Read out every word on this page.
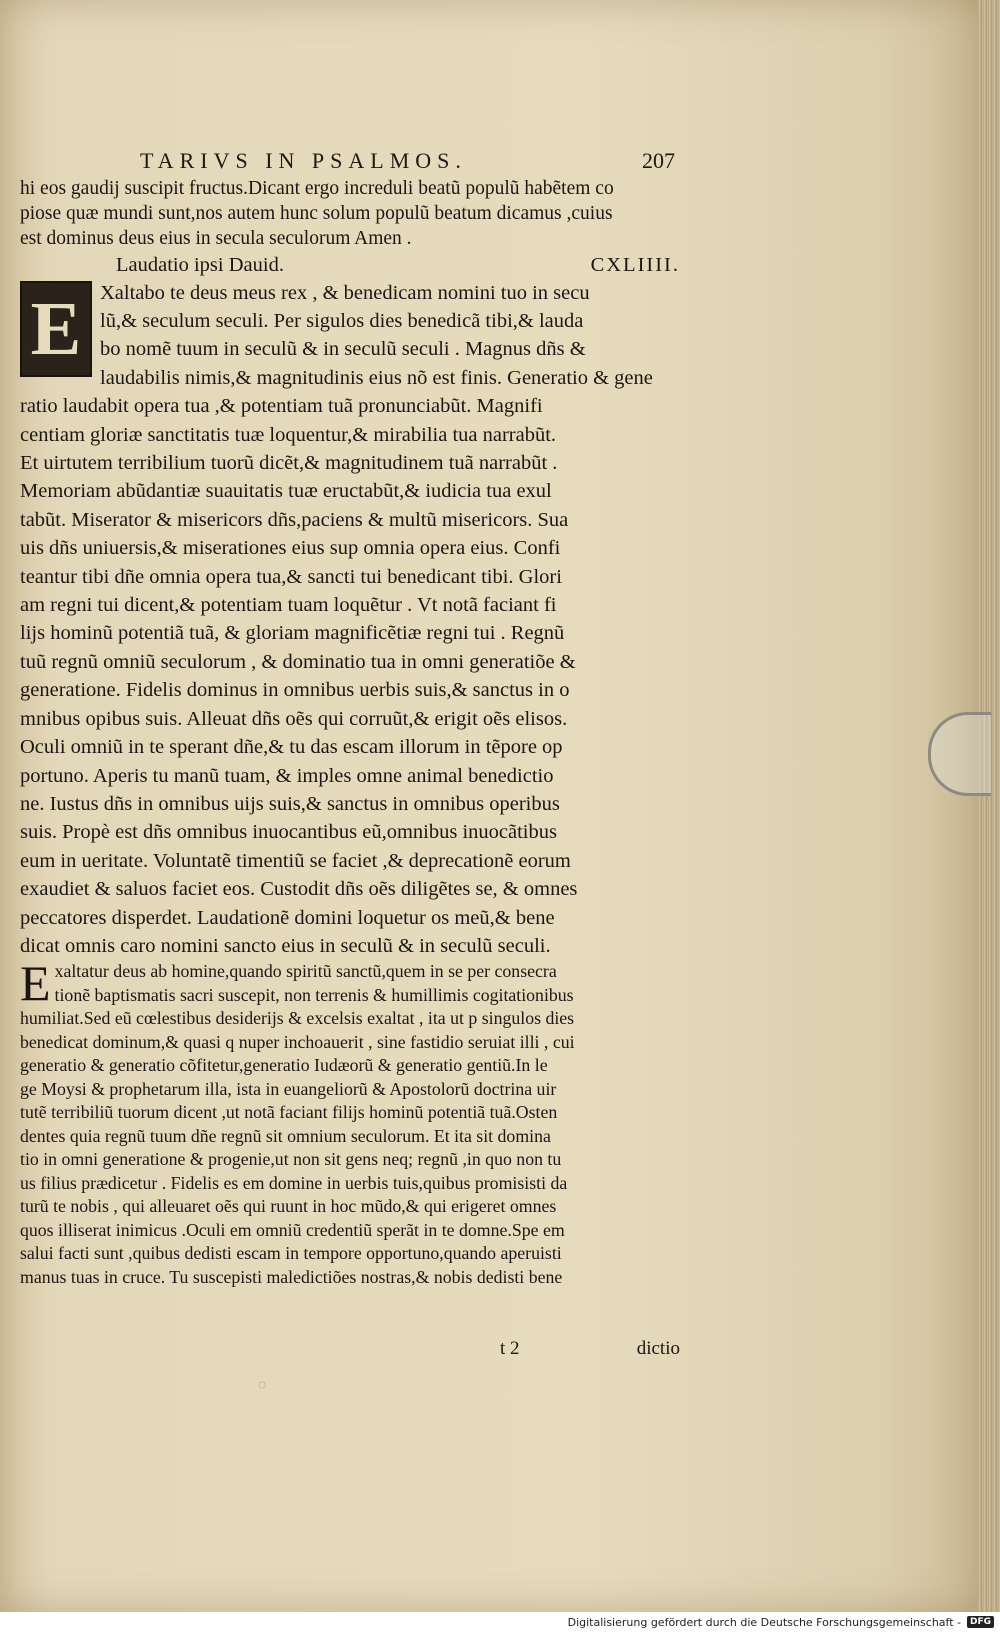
TARIVS IN PSALMOS.	207
hi eos gaudij suscipit fructus.Dicant ergo increduli beatũ populũ habẽtem co
piose quæ mundi sunt,nos autem hunc solum populũ beatum dicamus ,cuius
est dominus deus eius in secula seculorum Amen .
Laudatio ipsi Dauid.	CXLIIII.
E Xaltabo te deus meus rex , & benedicam nomini tuo in secu
lũ,& seculum seculi. Per sigulos dies benedicã tibi,& lauda
bo nomẽ tuum in seculũ & in seculũ seculi . Magnus dñs &
laudabilis nimis,& magnitudinis eius nõ est finis. Generatio & gene
ratio laudabit opera tua ,& potentiam tuã pronunciabũt. Magnifi
centiam gloriæ sanctitatis tuæ loquentur,& mirabilia tua narrabũt.
Et uirtutem terribilium tuorũ dicẽt,& magnitudinem tuã narrabũt .
Memoriam abũdantiæ suauitatis tuæ eructabũt,& iudicia tua exul
tabũt. Miserator & misericors dñs,paciens & multũ misericors. Sua
uis dñs uniuersis,& miserationes eius sup omnia opera eius. Confi
teantur tibi dñe omnia opera tua,& sancti tui benedicant tibi. Glori
am regni tui dicent,& potentiam tuam loquẽtur . Vt notã faciant fi
lijs hominũ potentiã tuã, & gloriam magnificẽtiæ regni tui . Regnũ
tuũ regnũ omniũ seculorum , & dominatio tua in omni generatiõe &
generatione. Fidelis dominus in omnibus uerbis suis,& sanctus in o
mnibus opibus suis. Alleuat dñs oẽs qui corruũt,& erigit oẽs elisos.
Oculi omniũ in te sperant dñe,& tu das escam illorum in tẽpore op
portuno. Aperis tu manũ tuam, & imples omne animal benedictio
ne. Iustus dñs in omnibus uijs suis,& sanctus in omnibus operibus
suis. Propè est dñs omnibus inuocantibus eũ,omnibus inuocãtibus
eum in ueritate. Voluntatẽ timentiũ se faciet ,& deprecationẽ eorum
exaudiet & saluos faciet eos. Custodit dñs oẽs diligẽtes se, & omnes
peccatores disperdet. Laudationẽ domini loquetur os meũ,& bene
dicat omnis caro nomini sancto eius in seculũ & in seculũ seculi.
E xaltatur deus ab homine,quando spiritũ sanctũ,quem in se per consecra
tionẽ baptismatis sacri suscepit, non terrenis & humillimis cogitationibus
humiliat.Sed eũ cœlestibus desiderijs & excelsis exaltat , ita ut p singulos dies
benedicat dominum,& quasi q nuper inchoauerit , sine fastidio seruiat illi , cui
generatio & generatio cõfitetur,generatio Iudæorũ & generatio gentiũ.In le
ge Moysi & prophetarum illa, ista in euangeliorũ & Apostolorũ doctrina uir
tutẽ terribiliũ tuorum dicent ,ut notã faciant filijs hominũ potentiã tuã.Osten
dentes quia regnũ tuum dñe regnũ sit omnium seculorum. Et ita sit domina
tio in omni generatione & progenie,ut non sit gens neq; regnũ ,in quo non tu
us filius prædicetur . Fidelis es em domine in uerbis tuis,quibus promisisti da
turũ te nobis , qui alleuaret oẽs qui ruunt in hoc mũdo,& qui erigeret omnes
quos illiserat inimicus .Oculi em omniũ credentiũ sperãt in te domne.Spe em
salui facti sunt ,quibus dedisti escam in tempore opportuno,quando aperuisti
manus tuas in cruce. Tu suscepisti maledictiões nostras,& nobis dedisti bene
t 2	dictio
◌
Digitalisierung gefördert durch die Deutsche Forschungsgemeinschaft -	DFG
